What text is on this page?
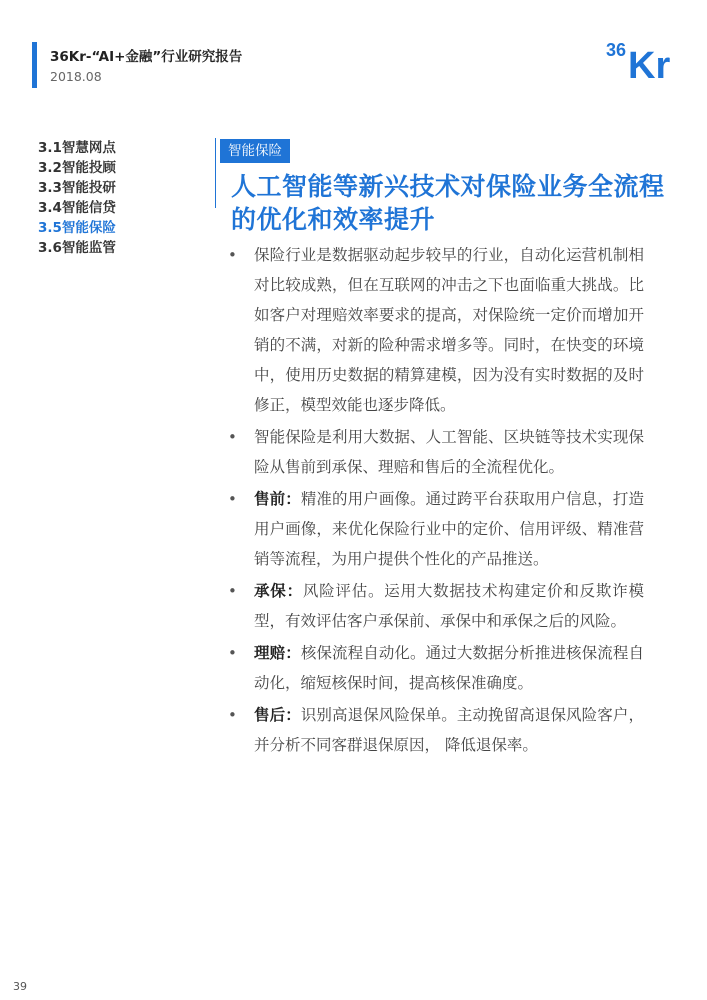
36Kr-“AI+金融”行业研究报告
2018.08
36 Kr
3.1智慧网点
3.2智能投顾
3.3智能投研
3.4智能信贷
3.5智能保险
3.6智能监管
智能保险
人工智能等新兴技术对保险业务全流程的优化和效率提升
• 保险行业是数据驱动起步较早的行业，自动化运营机制相对比较成熟，但在互联网的冲击之下也面临重大挑战。比如客户对理赔效率要求的提高，对保险统一定价而增加开销的不满，对新的险种需求增多等。同时，在快变的环境中，使用历史数据的精算建模，因为没有实时数据的及时修正，模型效能也逐步降低。
• 智能保险是利用大数据、人工智能、区块链等技术实现保险从售前到承保、理赔和售后的全流程优化。
• 售前：精准的用户画像。通过跨平台获取用户信息，打造用户画像，来优化保险行业中的定价、信用评级、精准营销等流程，为用户提供个性化的产品推送。
• 承保：风险评估。运用大数据技术构建定价和反欺诈模型，有效评估客户承保前、承保中和承保之后的风险。
• 理赔：核保流程自动化。通过大数据分析推进核保流程自动化，缩短核保时间，提高核保准确度。
• 售后：识别高退保风险保单。主动挽留高退保风险客户，并分析不同客群退保原因， 降低退保率。
39
